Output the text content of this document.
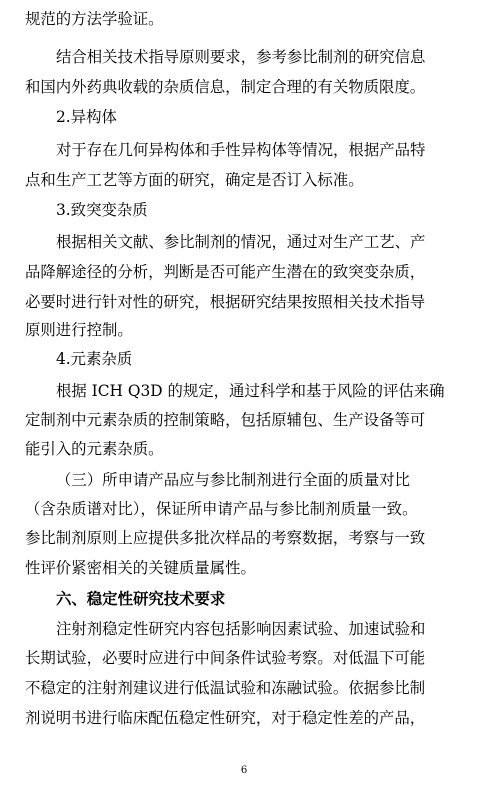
规范的方法学验证。
结合相关技术指导原则要求，参考参比制剂的研究信息
和国内外药典收载的杂质信息，制定合理的有关物质限度。
2.异构体
对于存在几何异构体和手性异构体等情况，根据产品特
点和生产工艺等方面的研究，确定是否订入标准。
3.致突变杂质
根据相关文献、参比制剂的情况，通过对生产工艺、产
品降解途径的分析，判断是否可能产生潜在的致突变杂质，
必要时进行针对性的研究，根据研究结果按照相关技术指导
原则进行控制。
4.元素杂质
根据 ICH Q3D 的规定，通过科学和基于风险的评估来确
定制剂中元素杂质的控制策略，包括原辅包、生产设备等可
能引入的元素杂质。
（三）所申请产品应与参比制剂进行全面的质量对比
（含杂质谱对比），保证所申请产品与参比制剂质量一致。
参比制剂原则上应提供多批次样品的考察数据，考察与一致
性评价紧密相关的关键质量属性。
六、稳定性研究技术要求
注射剂稳定性研究内容包括影响因素试验、加速试验和
长期试验，必要时应进行中间条件试验考察。对低温下可能
不稳定的注射剂建议进行低温试验和冻融试验。依据参比制
剂说明书进行临床配伍稳定性研究，对于稳定性差的产品，
6
